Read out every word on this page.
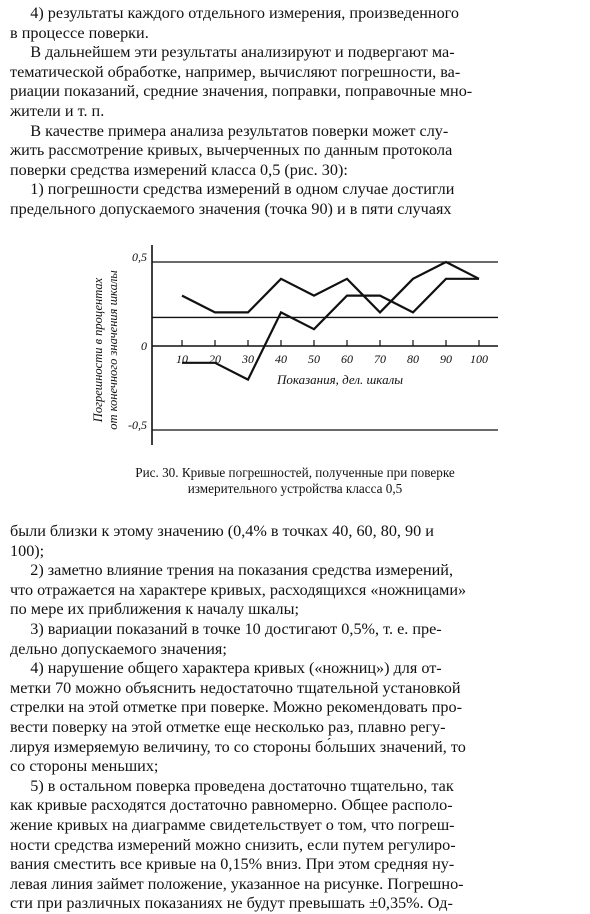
4) результаты каждого отдельного измерения, произведенного
в процессе поверки.
В дальнейшем эти результаты анализируют и подвергают ма-
тематической обработке, например, вычисляют погрешности, ва-
риации показаний, средние значения, поправки, поправочные мно-
жители и т. п.
В качестве примера анализа результатов поверки может слу-
жить рассмотрение кривых, вычерченных по данным протокола
поверки средства измерений класса 0,5 (рис. 30):
1) погрешности средства измерений в одном случае достигли
предельного допускаемого значения (точка 90) и в пяти случаях
10 20 30 40 50 60 70 80 90 100
0,5
0
-0,5
Показания, дел. шкалы
Погрешности в процентах от конечного значения шкалы
Рис. 30. Кривые погрешностей, полученные при поверке
измерительного устройства класса 0,5
были близки к этому значению (0,4% в точках 40, 60, 80, 90 и
100);
2) заметно влияние трения на показания средства измерений,
что отражается на характере кривых, расходящихся «ножницами»
по мере их приближения к началу шкалы;
3) вариации показаний в точке 10 достигают 0,5%, т. е. пре-
дельно допускаемого значения;
4) нарушение общего характера кривых («ножниц») для от-
метки 70 можно объяснить недостаточно тщательной установкой
стрелки на этой отметке при поверке. Можно рекомендовать про-
вести поверку на этой отметке еще несколько раз, плавно регу-
лируя измеряемую величину, то со стороны бо́льших значений, то
со стороны меньших;
5) в остальном поверка проведена достаточно тщательно, так
как кривые расходятся достаточно равномерно. Общее располо-
жение кривых на диаграмме свидетельствует о том, что погреш-
ности средства измерений можно снизить, если путем регулиро-
вания сместить все кривые на 0,15% вниз. При этом средняя ну-
левая линия займет положение, указанное на рисунке. Погрешно-
сти при различных показаниях не будут превышать ±0,35%. Од-
